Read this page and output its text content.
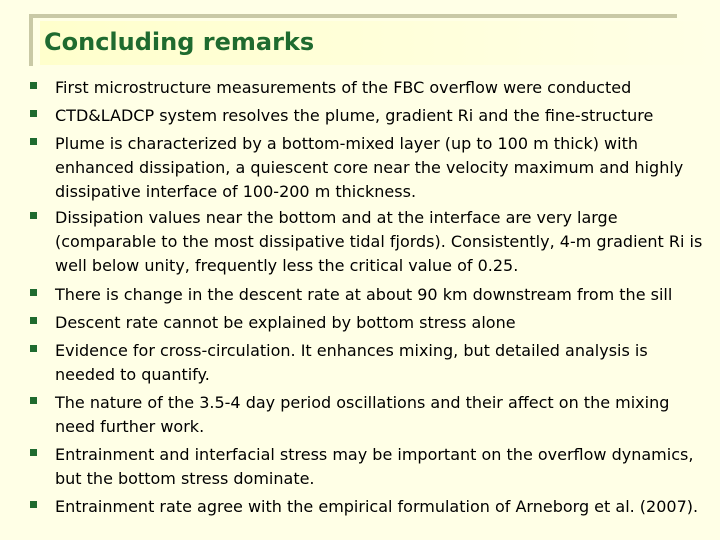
Concluding remarks
First microstructure measurements of the FBC overflow were conducted
CTD&LADCP system resolves the plume, gradient Ri and the fine-structure
Plume is characterized by a bottom-mixed layer (up to 100 m thick) with enhanced dissipation, a quiescent core near the velocity maximum and highly dissipative interface of 100-200 m thickness.
Dissipation values near the bottom and at the interface are very large (comparable to the most dissipative tidal fjords). Consistently, 4-m gradient Ri is well below unity, frequently less the critical value of 0.25.
There is change in the descent rate at about 90 km downstream from the sill
Descent rate cannot be explained by bottom stress alone
Evidence for cross-circulation. It enhances mixing, but detailed analysis is needed to quantify.
The nature of the 3.5-4 day period oscillations and their affect on the mixing need further work.
Entrainment and interfacial stress may be important on the overflow dynamics, but the bottom stress dominate.
Entrainment rate agree with the empirical formulation of Arneborg et al. (2007).
